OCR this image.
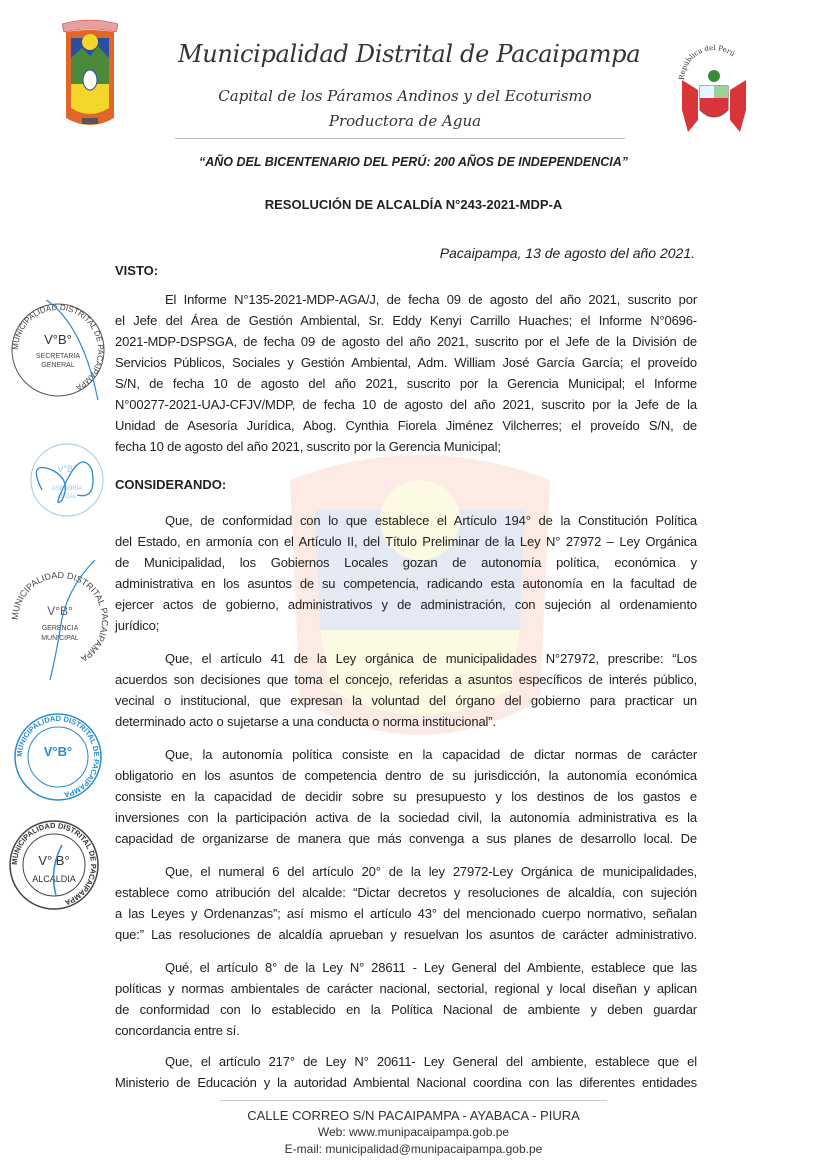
Municipalidad Distrital de Pacaipampa
Capital de los Páramos Andinos y del Ecoturismo
Productora de Agua
República del Perú
“AÑO DEL BICENTENARIO DEL PERÚ: 200 AÑOS DE INDEPENDENCIA”
RESOLUCIÓN DE ALCALDÍA N°243-2021-MDP-A
Pacaipampa, 13 de agosto del año 2021.
VISTO:
El Informe N°135-2021-MDP-AGA/J, de fecha 09 de agosto del año 2021, suscrito por
el Jefe del Área de Gestión Ambiental, Sr. Eddy Kenyi Carrillo Huaches; el Informe N°0696-
2021-MDP-DSPSGA, de fecha 09 de agosto del año 2021, suscrito por el Jefe de la División de
Servicios Públicos, Sociales y Gestión Ambiental, Adm. William José García García; el proveído
S/N, de fecha 10 de agosto del año 2021, suscrito por la Gerencia Municipal; el Informe
N°00277-2021-UAJ-CFJV/MDP, de fecha 10 de agosto del año 2021, suscrito por la Jefe de la
Unidad de Asesoría Jurídica, Abog. Cynthia Fiorela Jiménez Vilcherres; el proveído S/N, de
fecha 10 de agosto del año 2021, suscrito por la Gerencia Municipal;
CONSIDERANDO:
Que, de conformidad con lo que establece el Artículo 194° de la Constitución Política
del Estado, en armonía con el Artículo II, del Título Preliminar de la Ley N° 27972 – Ley Orgánica
de Municipalidad, los Gobiernos Locales gozan de autonomía política, económica y
administrativa en los asuntos de su competencia, radicando esta autonomía en la facultad de
ejercer actos de gobierno, administrativos y de administración, con sujeción al ordenamiento
jurídico;
Que, el artículo 41 de la Ley orgánica de municipalidades N°27972, prescribe: “Los
acuerdos son decisiones que toma el concejo, referidas a asuntos específicos de interés público,
vecinal o institucional, que expresan la voluntad del órgano del gobierno para practicar un
determinado acto o sujetarse a una conducta o norma institucional”.
Que, la autonomía política consiste en la capacidad de dictar normas de carácter
obligatorio en los asuntos de competencia dentro de su jurisdicción, la autonomía económica
consiste en la capacidad de decidir sobre su presupuesto y los destinos de los gastos e
inversiones con la participación activa de la sociedad civil, la autonomía administrativa es la
capacidad de organizarse de manera que más convenga a sus planes de desarrollo local. De
Que, el numeral 6 del artículo 20° de la ley 27972-Ley Orgánica de municipalidades,
establece como atribución del alcalde: “Dictar decretos y resoluciones de alcaldía, con sujeción
a las Leyes y Ordenanzas”; así mismo el artículo 43° del mencionado cuerpo normativo, señalan
que:” Las resoluciones de alcaldía aprueban y resuelvan los asuntos de carácter administrativo.
Qué, el artículo 8° de la Ley N° 28611 - Ley General del Ambiente, establece que las
políticas y normas ambientales de carácter nacional, sectorial, regional y local diseñan y aplican
de conformidad con lo establecido en la Política Nacional de ambiente y deben guardar
concordancia entre sí.
Que, el artículo 217° de Ley N° 20611- Ley General del ambiente, establece que el
Ministerio de Educación y la autoridad Ambiental Nacional coordina con las diferentes entidades
CALLE CORREO S/N PACAIPAMPA - AYABACA - PIURA
Web: www.munipacaipampa.gob.pe
E-mail: municipalidad@munipacaipampa.gob.pe
MUNICIPALIDAD DISTRITAL DE PACAIPAMPA
V°B°
SECRETARIA
GENERAL
V°B°
ASESORÍA
LEGAL
MUNICIPALIDAD DISTRITAL PACAIPAMPA
V°B°
GERENCIA
MUNICIPAL
MUNICIPALIDAD DISTRITAL DE PACAIPAMPA
V°B°
MUNICIPALIDAD DISTRITAL DE PACAIPAMPA
V° B°
ALCALDIA
